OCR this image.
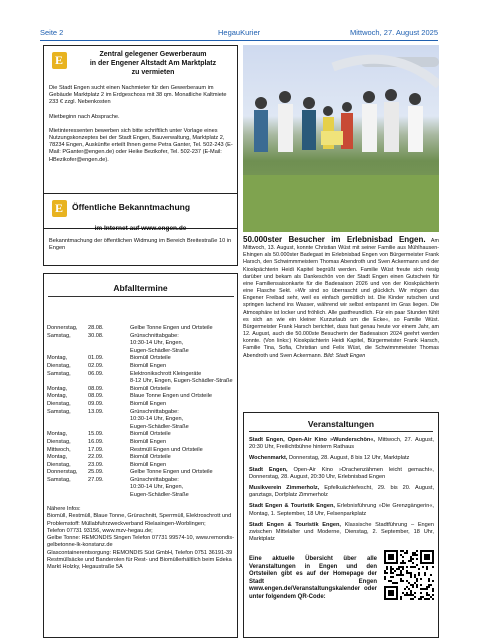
Seite 2	HegauKurier	Mittwoch, 27. August 2025
E
Zentral gelegener Gewerberaum
in der Engener Altstadt Am Marktplatz
zu vermieten
Die Stadt Engen sucht einen Nachmieter für den Gewerberaum im Gebäude Marktplatz 2 im Erdgeschoss mit 38 qm. Monatliche Kaltmiete 233 € zzgl. Nebenkosten
Mietbeginn nach Absprache.
Mietinteressenten bewerben sich bitte schriftlich unter Vorlage eines Nutzungskonzeptes bei der Stadt Engen, Bauverwaltung, Marktplatz 2, 78234 Engen, Auskünfte erteilt Ihnen gerne Petra Ganter, Tel. 502-243 (E-Mail: PGanter@engen.de) oder Heike Bezikofer, Tel. 502-237 (E-Mail: HBezikofer@engen.de).
E
Öffentliche Bekanntmachung
im Internet auf www.engen.de
Bekanntmachung der öffentlichen Widmung im Bereich Breitestraße 10 in Engen
Abfalltermine
Donnerstag,	28.08.	Gelbe Tonne Engen und Ortsteile
Samstag,	30.08.	Grünschnittabgabe:
10:30-14 Uhr, Engen,
Eugen-Schädler-Straße
Montag,	01.09.	Biomüll Ortsteile
Dienstag,	02.09.	Biomüll Engen
Samstag,	06.09.	Elektronikschrott Kleingeräte
8-12 Uhr, Engen, Eugen-Schädler-Straße
Montag,	08.09.	Biomüll Ortsteile
Montag,	08.09.	Blaue Tonne Engen und Ortsteile
Dienstag,	09.09.	Biomüll Engen
Samstag,	13.09.	Grünschnittabgabe:
10:30-14 Uhr, Engen,
Eugen-Schädler-Straße
Montag,	15.09.	Biomüll Ortsteile
Dienstag,	16.09.	Biomüll Engen
Mittwoch,	17.09.	Restmüll Engen und Ortsteile
Montag,	22.09.	Biomüll Ortsteile
Dienstag,	23.09.	Biomüll Engen
Donnerstag,	25.09.	Gelbe Tonne Engen und Ortsteile
Samstag,	27.09.	Grünschnittabgabe:
10:30-14 Uhr, Engen,
Eugen-Schädler-Straße
Nähere Infos:
Biomüll, Restmüll, Blaue Tonne, Grünschnitt, Sperrmüll, Elektroschrott und Problemstoff: Müllabfuhrzweckverband Rielasingen-Worblingen;
Telefon 07731 93156, www.mzv-hegau.de;
Gelbe Tonne: REMONDIS Singen Telefon 07731 99574-10, www.remondis-gelbetonne-lk-konstanz.de
Glascontainerentsorgung: REMONDIS Süd GmbH, Telefon 0751 36191-39
Restmüllsäcke und Banderolen für Rest- und Biomüllerhältlich beim Edeka Markt Holzky, Hegaustraße 5A
50.000ster Besucher im Erlebnisbad Engen. Am Mittwoch, 13. August, konnte Christian Wüst mit seiner Familie aus Mühlhausen-Ehingen als 50.000ster Badegast im Erlebnisbad Engen von Bürgermeister Frank Harsch, den Schwimmmeistern Thomas Abendroth und Sven Ackermann und der Kioskpächterin Heidi Kapitel begrüßt werden. Familie Wüst freute sich riesig darüber und bekam als Dankeschön von der Stadt Engen einen Gutschein für eine Familiensaisonkarte für die Badesaison 2026 und von der Kioskpächterin eine Flasche Sekt. »Wir sind so überrascht und glücklich. Wir mögen das Engener Freibad sehr, weil es einfach gemütlich ist. Die Kinder rutschen und springen lachend ins Wasser, während wir selbst entspannt im Gras liegen. Die Atmosphäre ist locker und fröhlich. Alle gastfreundlich. Für ein paar Stunden fühlt es sich an wie ein kleiner Kurzurlaub um die Ecke«, so Familie Wüst. Bürgermeister Frank Harsch berichtet, dass fast genau heute vor einem Jahr, am 12. August, auch die 50.000ste Besucherin der Badesaison 2024 geehrt werden konnte. (Von links:) Kioskpächterin Heidi Kapitel, Bürgermeister Frank Harsch, Familie Tina, Sofia, Christian und Felix Wüst, die Schwimmmeister Thomas Abendroth und Sven Ackermann. Bild: Stadt Engen
Veranstaltungen

Stadt Engen, Open-Air Kino »Wunderschön«, Mittwoch, 27. August, 20:30 Uhr, Freilichtbühne hinterm Rathaus

Wochenmarkt, Donnerstag, 28. August, 8 bis 12 Uhr, Marktplatz

Stadt Engen, Open-Air Kino »Drachenzähmen leicht gemacht«, Donnerstag, 28. August, 20:30 Uhr, Erlebnisbad Engen

Musikverein Zimmerholz, Epfelkuächlefescht, 29. bis 20. August, ganztags, Dorfplatz Zimmerholz

Stadt Engen & Touristik Engen, Erlebnisführung »Die Grenzgängerin«, Montag, 1. September, 18 Uhr, Felsenparkplatz

Stadt Engen & Touristik Engen, Klassische Stadtführung – Engen zwischen Mittelalter und Moderne, Dienstag, 2. September, 18 Uhr, Marktplatz

Eine aktuelle Übersicht über alle Veranstaltungen in Engen und den Ortsteilen gibt es auf der Homepage der Stadt Engen www.engen.de/Veranstaltungskalender oder unter folgendem QR-Code:
